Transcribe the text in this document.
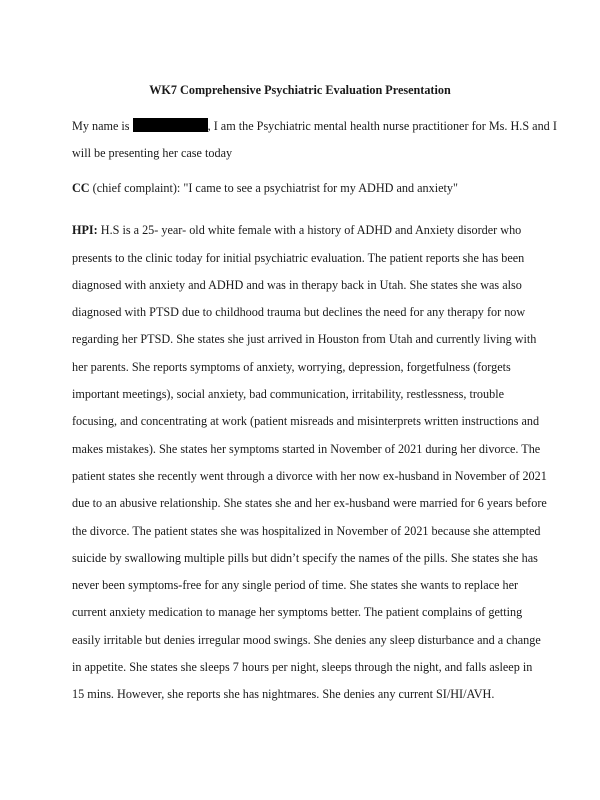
WK7 Comprehensive Psychiatric Evaluation Presentation
My name is	, I am the Psychiatric mental health nurse practitioner for Ms. H.S and I
will be presenting her case today
CC (chief complaint): "I came to see a psychiatrist for my ADHD and anxiety"
HPI: H.S is a 25- year- old white female with a history of ADHD and Anxiety disorder who
presents to the clinic today for initial psychiatric evaluation. The patient reports she has been
diagnosed with anxiety and ADHD and was in therapy back in Utah. She states she was also
diagnosed with PTSD due to childhood trauma but declines the need for any therapy for now
regarding her PTSD. She states she just arrived in Houston from Utah and currently living with
her parents. She reports symptoms of anxiety, worrying, depression, forgetfulness (forgets
important meetings), social anxiety, bad communication, irritability, restlessness, trouble
focusing, and concentrating at work (patient misreads and misinterprets written instructions and
makes mistakes). She states her symptoms started in November of 2021 during her divorce. The
patient states she recently went through a divorce with her now ex-husband in November of 2021
due to an abusive relationship. She states she and her ex-husband were married for 6 years before
the divorce. The patient states she was hospitalized in November of 2021 because she attempted
suicide by swallowing multiple pills but didn’t specify the names of the pills. She states she has
never been symptoms-free for any single period of time. She states she wants to replace her
current anxiety medication to manage her symptoms better. The patient complains of getting
easily irritable but denies irregular mood swings. She denies any sleep disturbance and a change
in appetite. She states she sleeps 7 hours per night, sleeps through the night, and falls asleep in
15 mins. However, she reports she has nightmares. She denies any current SI/HI/AVH.
